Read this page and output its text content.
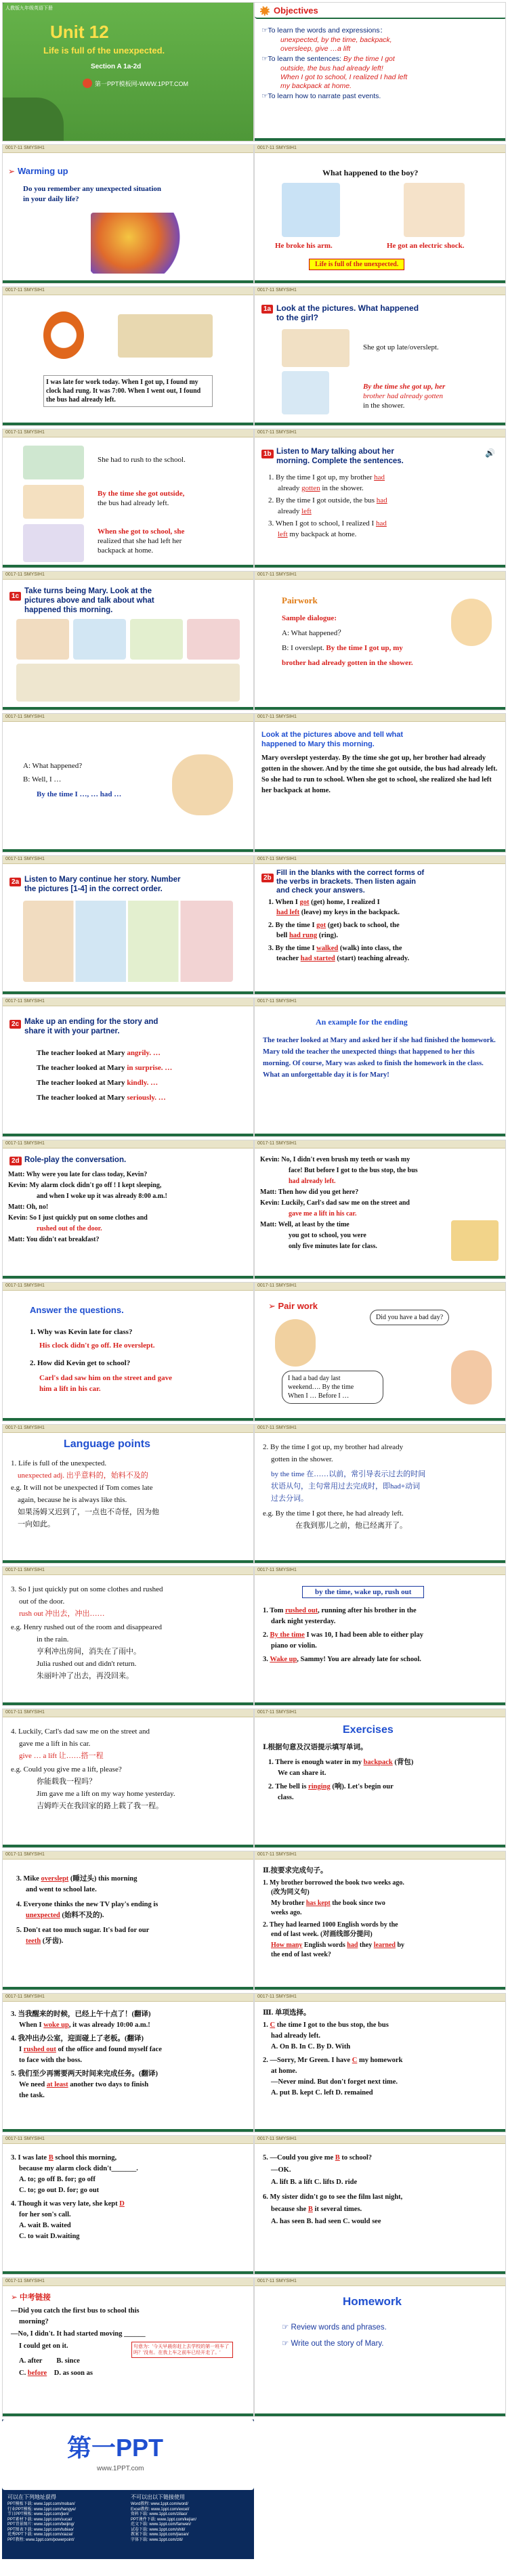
人教版九年级英语下册
Unit 12
Life is full of the unexpected.
Section A 1a-2d
第一PPT模板网-WWW.1PPT.COM
Objectives
☞To learn the words and expressions：
unexpected, by the time, backpack,
oversleep, give …a lift
☞To learn the sentences: By the time I got
outside, the bus had already left!
When I got to school, I realized I had left
my backpack at home.
☞To learn how to narrate past events.
0017-11 SMYSIH1
➢ Warming up
Do you remember any unexpected situation
in your daily life?
0017-11 SMYSIH1
What happened to the boy?
He broke his arm.	He got an electric shock.
Life is full of the unexpected.
0017-11 SMYSIH1
I was late for work today. When I got up, I found my clock had rung. It was 7:00. When I went out, I found the bus had already left.
0017-11 SMYSIH1
1a Look at the pictures. What happened
to the girl?
She got up late/overslept.
By the time she got up, her
brother had already gotten
in the shower.
0017-11 SMYSIH1
She had to rush to the school.
By the time she got outside,
the bus had already left.
When she got to school, she
realized that she had left her
backpack at home.
0017-11 SMYSIH1
1b Listen to Mary talking about her
morning. Complete the sentences.
🔊
1. By the time I got up, my brother had
already gotten in the shower.
2. By the time I got outside, the bus had
already left
3. When I got to school, I realized I had
left my backpack at home.
0017-11 SMYSIH1
1c
Take turns being Mary. Look at the
pictures above and talk about what
happened this morning.
0017-11 SMYSIH1
Pairwork
Sample dialogue:
A: What happened？
B: I overslept. By the time I got up, my
brother had already gotten in the shower.
0017-11 SMYSIH1
A: What happened?
B: Well, I …
By the time I …, … had …
0017-11 SMYSIH1
Look at the pictures above and tell what
happened to Mary this morning.
Mary overslept yesterday. By the time she got up, her brother had already gotten in the shower. And by the time she got outside, the bus had already left. So she had to run to school. When she got to school, she realized she had left her backpack at home.
0017-11 SMYSIH1
2a Listen to Mary continue her story. Number
the pictures [1-4] in the correct order.
0017-11 SMYSIH1
2b
Fill in the blanks with the correct forms of
the verbs in brackets. Then listen again
and check your answers.
1. When I got (get) home, I realized I
had left (leave) my keys in the backpack.
2. By the time I got (get) back to school, the
bell had rung (ring).
3. By the time I walked (walk) into class, the
teacher had started (start) teaching already.
0017-11 SMYSIH1
2c Make up an ending for the story and
share it with your partner.
The teacher looked at Mary angrily. …
The teacher looked at Mary in surprise. …
The teacher looked at Mary kindly. …
The teacher looked at Mary seriously. …
0017-11 SMYSIH1
An example for the ending
The teacher looked at Mary and asked her if she had finished the homework. Mary told the teacher the unexpected things that happened to her this morning. Of course, Mary was asked to finish the homework in the class. What an unforgettable day it is for Mary!
0017-11 SMYSIH1
2d Role-play the conversation.
Matt: Why were you late for class today, Kevin?
Kevin: My alarm clock didn't go off ! I kept sleeping,
and when I woke up it was already 8:00 a.m.!
Matt: Oh, no!
Kevin: So I just quickly put on some clothes and
rushed out of the door.
Matt: You didn't eat breakfast?
0017-11 SMYSIH1
Kevin: No, I didn't even brush my teeth or wash my
face! But before I got to the bus stop, the bus
had already left.
Matt: Then how did you get here?
Kevin: Luckily, Carl's dad saw me on the street and
gave me a lift in his car.
Matt: Well, at least by the time
you got to school, you were
only five minutes late for class.
0017-11 SMYSIH1
Answer the questions.
1. Why was Kevin late for class?
His clock didn't go off. He overslept.
2. How did Kevin get to school?
Carl's dad saw him on the street and gave
him a lift in his car.
0017-11 SMYSIH1
➢ Pair work
Did you have a bad day?
I had a bad day last
weekend…. By the time
When I … Before I …
0017-11 SMYSIH1
Language points
1. Life is full of the unexpected.
unexpected adj. 出乎意料的，始料不及的
e.g. It will not be unexpected if Tom comes late
again, because he is always like this.
如果汤姆又迟到了，一点也不奇怪，因为他
一向如此。
0017-11 SMYSIH1
2. By the time I got up, my brother had already
gotten in the shower.
by the time 在……以前，常引导表示过去的时间
状语从句，主句常用过去完成时，即had+动词
过去分词。
e.g. By the time I got there, he had already left.
在我到那儿之前，他已经离开了。
0017-11 SMYSIH1
3. So I just quickly put on some clothes and rushed
out of the door.
rush out 冲出去，冲出……
e.g. Henry rushed out of the room and disappeared
in the rain.
亨利冲出房间，消失在了雨中。
Julia rushed out and didn't return.
朱丽叶冲了出去，再没回来。
0017-11 SMYSIH1
by the time, wake up, rush out
1. Tom rushed out, running after his brother in the
dark night yesterday.
2. By the time I was 10, I had been able to either play
piano or violin.
3. Wake up, Sammy! You are already late for school.
0017-11 SMYSIH1
4. Luckily, Carl's dad saw me on the street and
gave me a lift in his car.
give … a lift 让……搭一程
e.g. Could you give me a lift, please?
你能载我一程吗？
Jim gave me a lift on my way home yesterday.
吉姆昨天在我回家的路上载了我一程。
0017-11 SMYSIH1
Exercises
Ⅰ.根据句意及汉语提示填写单词。
1. There is enough water in my backpack (背包)
We can share it.
2. The bell is ringing (响). Let's begin our
class.
0017-11 SMYSIH1
3. Mike overslept (睡过头) this morning
and went to school late.
4. Everyone thinks the new TV play's ending is
unexpected (始料不及的).
5. Don't eat too much sugar. It's bad for our
teeth (牙齿).
0017-11 SMYSIH1
Ⅱ.按要求完成句子。
1. My brother borrowed the book two weeks ago.
(改为同义句)
My brother has kept the book since two
weeks ago.
2. They had learned 1000 English words by the
end of last week. (对画线部分提问)
How many English words had they learned by
the end of last week?
0017-11 SMYSIH1
3. 当我醒来的时候，已经上午十点了！(翻译)
When I woke up, it was already 10:00 a.m.!
4. 我冲出办公室，迎面碰上了老板。(翻译)
I rushed out of the office and found myself face
to face with the boss.
5. 我们至少再需要两天时间来完成任务。(翻译)
We need at least another two days to finish
the task.
0017-11 SMYSIH1
Ⅲ. 单项选择。
1. C the time I got to the bus stop, the bus
had already left.
A. On B. In C. By D. With
2. —Sorry, Mr Green. I have C my homework
at home.
—Never mind. But don't forget next time.
A. put B. kept C. left D. remained
0017-11 SMYSIH1
3. I was late B school this morning,
because my alarm clock didn't_______.
A. to; go off B. for; go off
C. to; go out D. for; go out
4. Though it was very late, she kept D
for her son's call.
A. wait B. waited
C. to wait D.waiting
0017-11 SMYSIH1
5. —Could you give me B to school?
—OK.
A. lift B. a lift C. lifts D. ride
6. My sister didn't go to see the film last night,
because she B it several times.
A. has seen B. had seen C. would see
0017-11 SMYSIH1
➢ 中考链接
—Did you catch the first bus to school this
morning?
—No, I didn't. It had started moving ______
I could get on it.	句意为：'今天早晨你赶上去学校的第一班车了吗？'没有。在我上车之前车已经开走了。'
A. after B. since
C. before D. as soon as
0017-11 SMYSIH1
Homework
☞ Review words and phrases.
☞ Write out the story of Mary.
第一PPT
www.1PPT.com
可以在下列地址获得	不可以出以下链接使用
PPT模板下载: www.1ppt.com/moban/
行业PPT模板: www.1ppt.com/hangye/
节日PPT模板: www.1ppt.com/jieri/
PPT素材下载: www.1ppt.com/sucai/
PPT背景图片: www.1ppt.com/beijing/
PPT图表下载: www.1ppt.com/tubiao/
优秀PPT下载: www.1ppt.com/xiazai/
PPT教程: www.1ppt.com/powerpoint/
Word教程: www.1ppt.com/word/
Excel教程: www.1ppt.com/excel/
资料下载: www.1ppt.com/ziliao/
PPT课件下载: www.1ppt.com/kejian/
范文下载: www.1ppt.com/fanwen/
试卷下载: www.1ppt.com/shiti/
教案下载: www.1ppt.com/jiaoan/
字体下载: www.1ppt.com/ziti/
